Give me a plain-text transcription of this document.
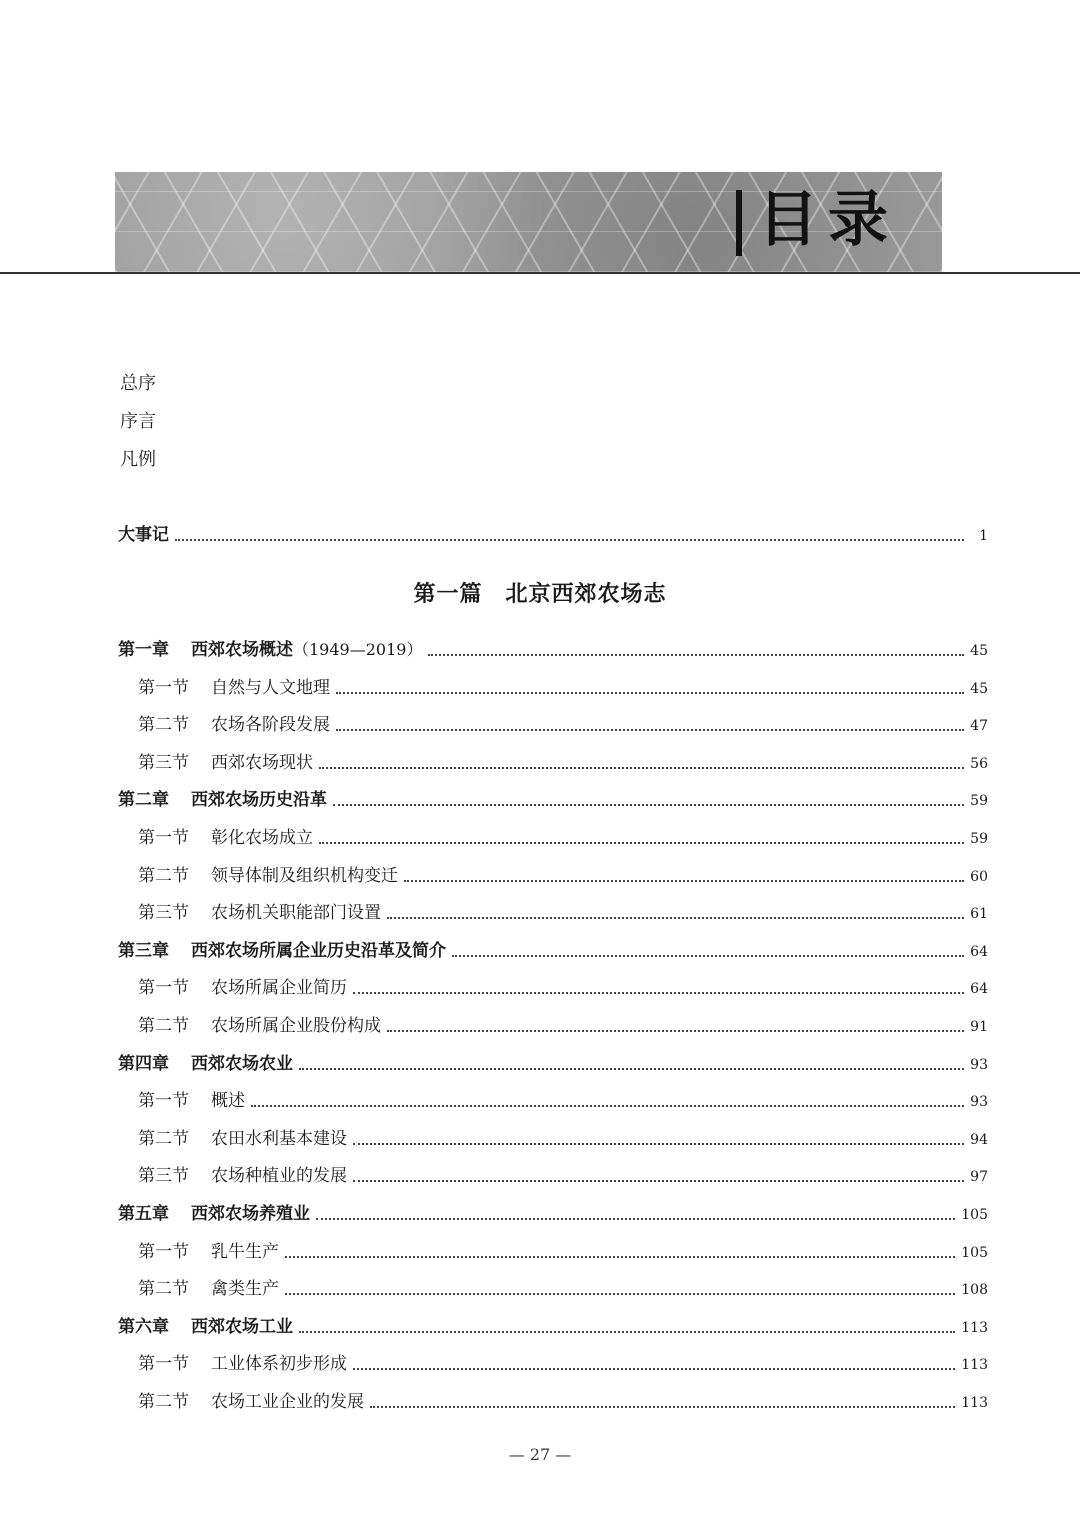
目录
总序
序言
凡例
大事记	1
第一篇　北京西郊农场志
第一章 西郊农场概述 （1949—2019）	45
第一节 自然与人文地理	45
第二节 农场各阶段发展	47
第三节 西郊农场现状	56
第二章 西郊农场历史沿革	59
第一节 彰化农场成立	59
第二节 领导体制及组织机构变迁	60
第三节 农场机关职能部门设置	61
第三章 西郊农场所属企业历史沿革及简介	64
第一节 农场所属企业简历	64
第二节 农场所属企业股份构成	91
第四章 西郊农场农业	93
第一节 概述	93
第二节 农田水利基本建设	94
第三节 农场种植业的发展	97
第五章 西郊农场养殖业	105
第一节 乳牛生产	105
第二节 禽类生产	108
第六章 西郊农场工业	113
第一节 工业体系初步形成	113
第二节 农场工业企业的发展	113
— 27 —
